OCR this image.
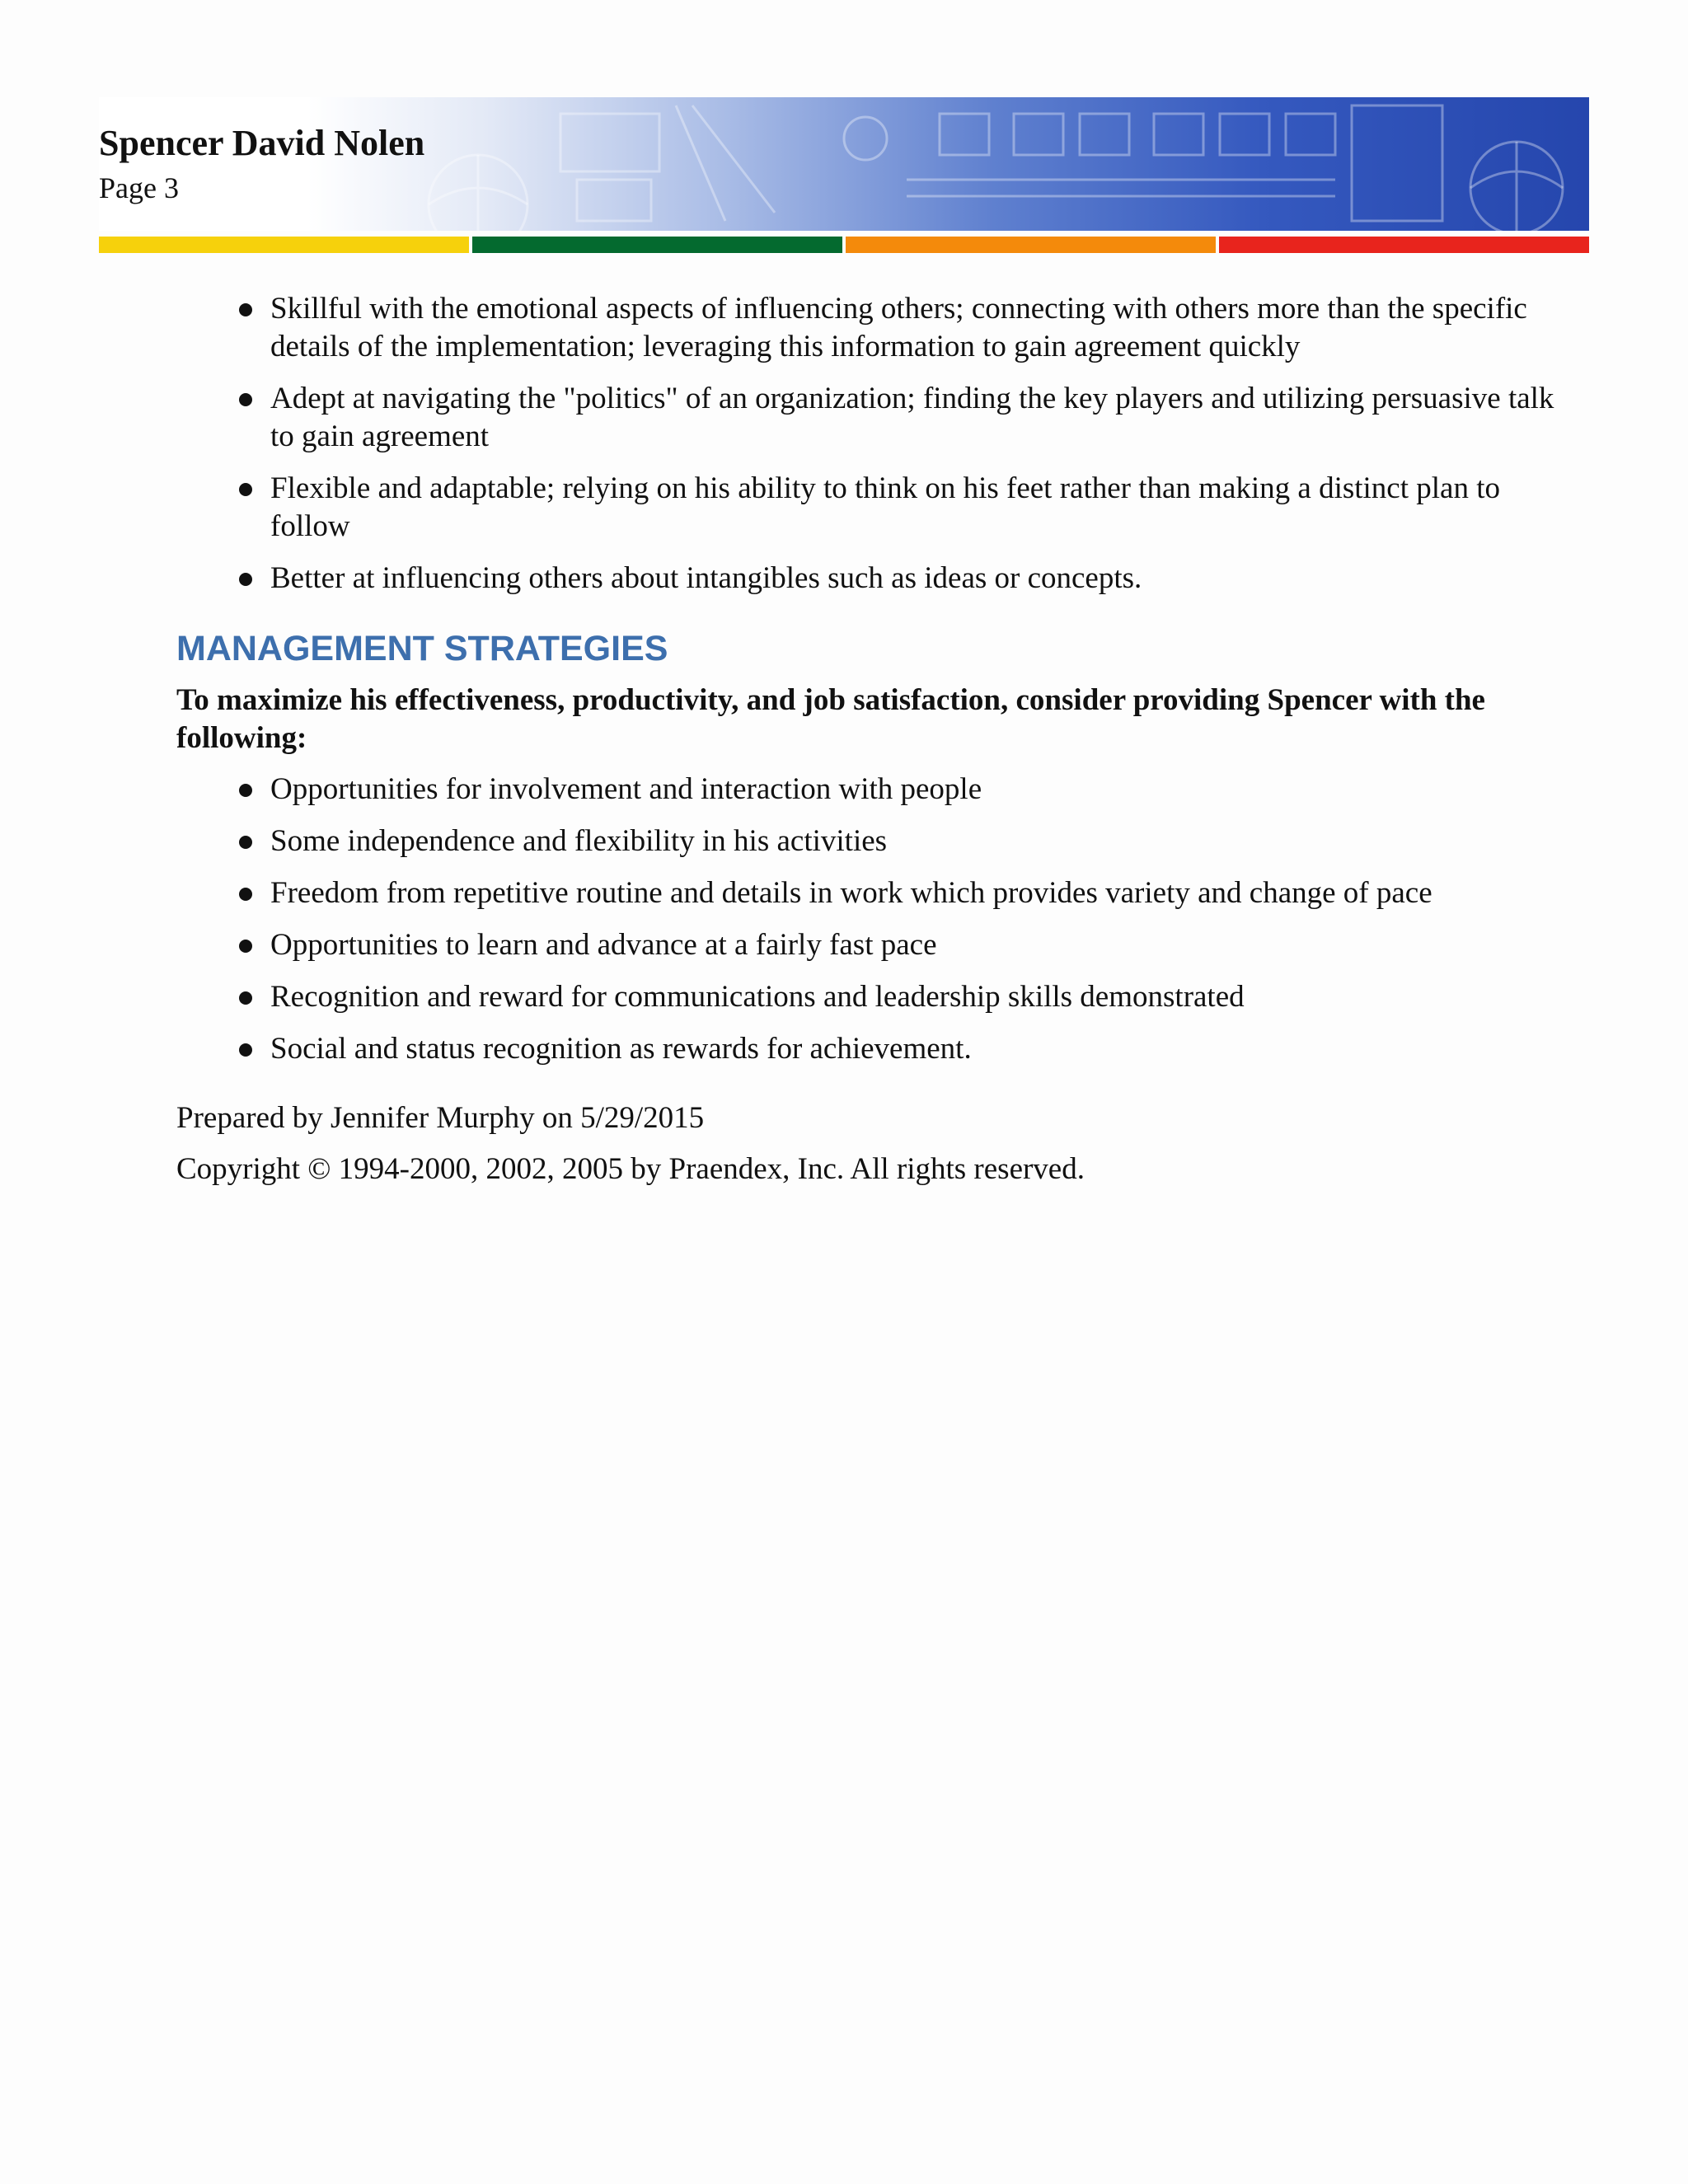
Spencer David Nolen
Page 3
Skillful with the emotional aspects of influencing others; connecting with others more than the specific details of the implementation; leveraging this information to gain agreement quickly
Adept at navigating the "politics" of an organization; finding the key players and utilizing persuasive talk to gain agreement
Flexible and adaptable; relying on his ability to think on his feet rather than making a distinct plan to follow
Better at influencing others about intangibles such as ideas or concepts.
MANAGEMENT STRATEGIES

To maximize his effectiveness, productivity, and job satisfaction, consider providing Spencer with the following:

Opportunities for involvement and interaction with people
Some independence and flexibility in his activities
Freedom from repetitive routine and details in work which provides variety and change of pace
Opportunities to learn and advance at a fairly fast pace
Recognition and reward for communications and leadership skills demonstrated
Social and status recognition as rewards for achievement.

Prepared by Jennifer Murphy on 5/29/2015

Copyright © 1994-2000, 2002, 2005 by Praendex, Inc. All rights reserved.
